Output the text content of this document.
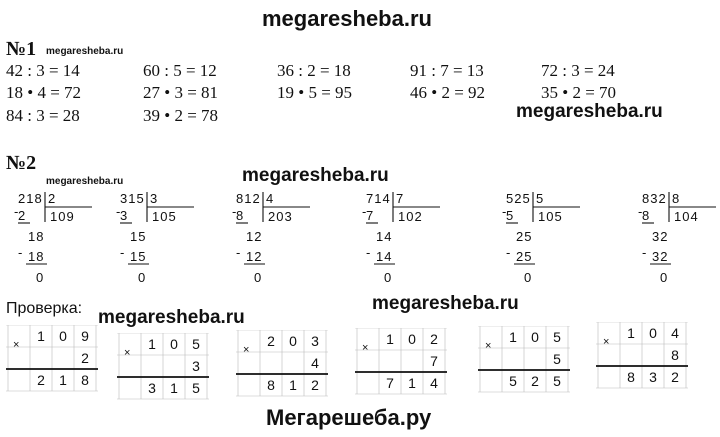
megaresheba.ru
megaresheba.ru
megaresheba.ru
megaresheba.ru	megaresheba.ru
megaresheba.ru
megaresheba.ru
Мегарешеба.ру
№1
42 : 3 = 14	60 : 5 = 12	36 : 2 = 18	91 : 7 = 13	72 : 3 = 24
18 • 4 = 72	27 • 3 = 81	19 • 5 = 95	46 • 2 = 92	35 • 2 = 70
84 : 3 = 28	39 • 2 = 78
№2
218
-
2
2
109
18
- 18
0
315
-
3
3
105
15
- 15
0
812
-
8
4
203
12
- 12
0
714
-
7
7
102
14
- 14
0
525
-
5
5
105
25
- 25
0
832
-
8
8
104
32
- 32
0
Проверка:
×
1	0	9
2
2	1	8
×
1	0	5
3
3	1	5
×
2	0	3
4
8	1	2
×
1	0	2
7
7	1	4
×
1	0	5
5
5	2	5
×
1	0	4
8
8	3	2
